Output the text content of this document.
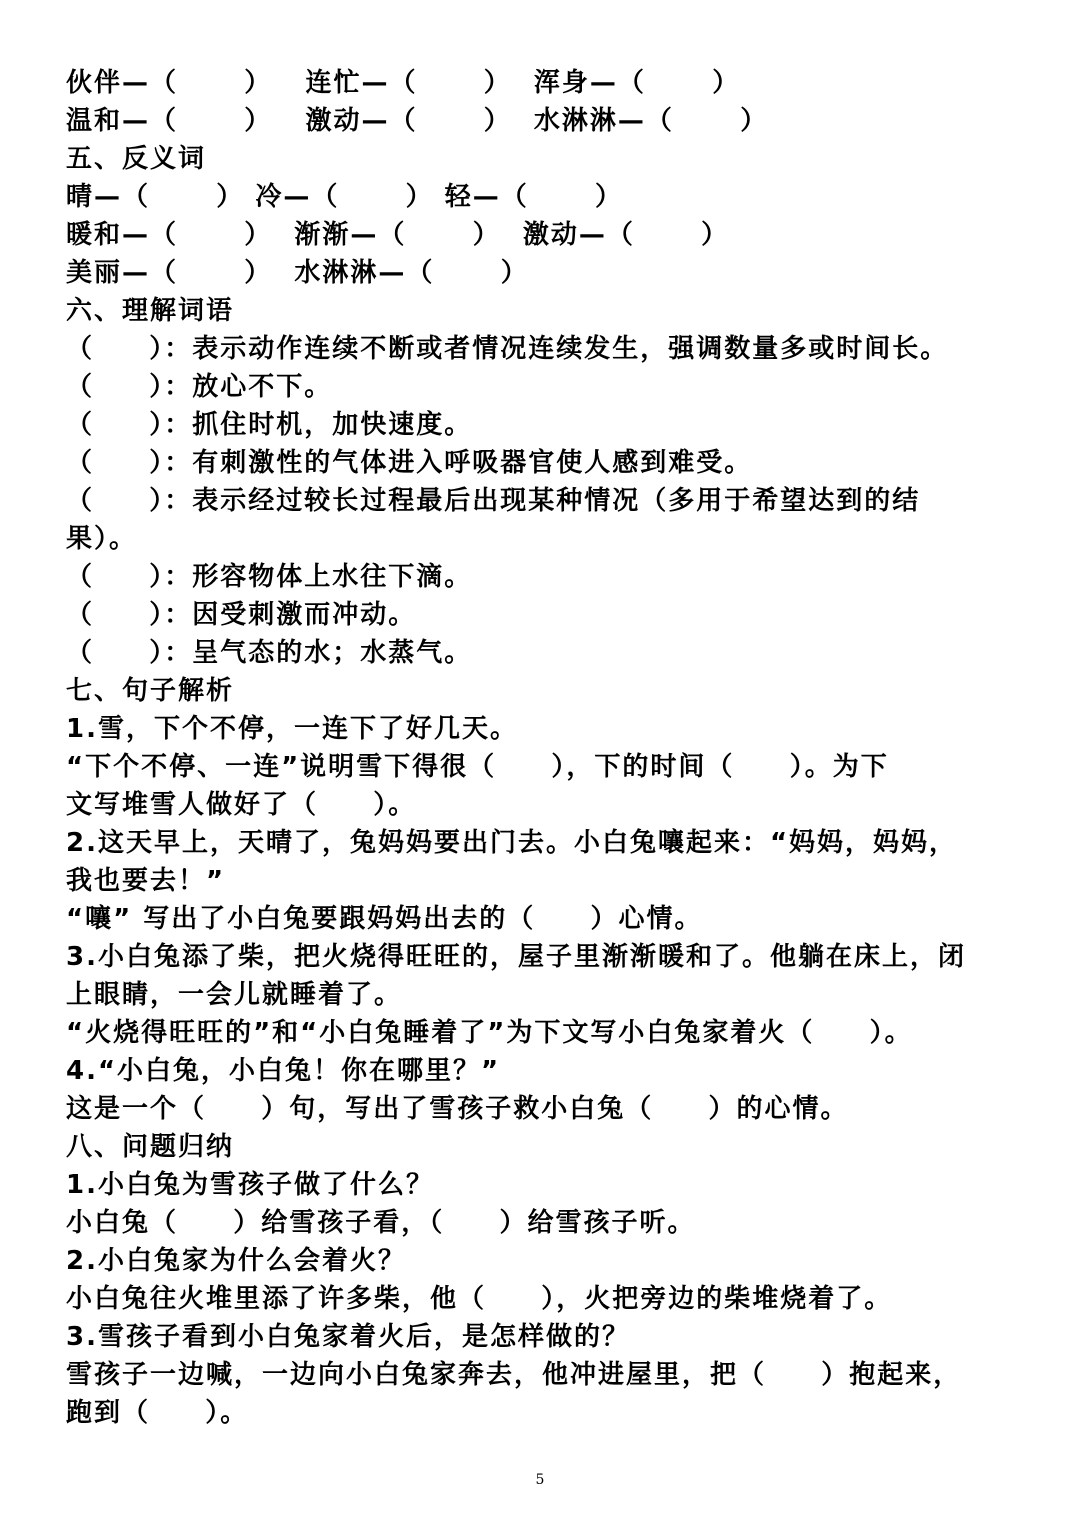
伙伴—（      ）   连忙—（      ）  浑身—（      ）
温和—（      ）   激动—（      ）  水淋淋—（      ）
五、反义词
晴—（      ） 冷—（      ） 轻—（      ）
暖和—（      ）  渐渐—（      ）  激动—（      ）
美丽—（      ）  水淋淋—（      ）
六、理解词语
（     ）：表示动作连续不断或者情况连续发生，强调数量多或时间长。
（     ）：放心不下。
（     ）：抓住时机，加快速度。
（     ）：有刺激性的气体进入呼吸器官使人感到难受。
（     ）：表示经过较长过程最后出现某种情况（多用于希望达到的结
果）。
（     ）：形容物体上水往下滴。
（     ）：因受刺激而冲动。
（     ）：呈气态的水；水蒸气。
七、句子解析
1.雪，下个不停，一连下了好几天。
“下个不停、一连”说明雪下得很（     ），下的时间（     ）。为下
文写堆雪人做好了（     ）。
2.这天早上，天晴了，兔妈妈要出门去。小白兔嚷起来：“妈妈，妈妈，
我也要去！”
“嚷” 写出了小白兔要跟妈妈出去的（     ）心情。
3.小白兔添了柴，把火烧得旺旺的，屋子里渐渐暖和了。他躺在床上，闭
上眼睛，一会儿就睡着了。
“火烧得旺旺的”和“小白兔睡着了”为下文写小白兔家着火（     ）。
4.“小白兔，小白兔！你在哪里？”
这是一个（     ）句，写出了雪孩子救小白兔（     ）的心情。
八、问题归纳
1.小白兔为雪孩子做了什么？
小白兔（     ）给雪孩子看，（     ）给雪孩子听。
2.小白兔家为什么会着火？
小白兔往火堆里添了许多柴，他（     ），火把旁边的柴堆烧着了。
3.雪孩子看到小白兔家着火后，是怎样做的？
雪孩子一边喊，一边向小白兔家奔去，他冲进屋里，把（     ）抱起来，
跑到（     ）。
5
